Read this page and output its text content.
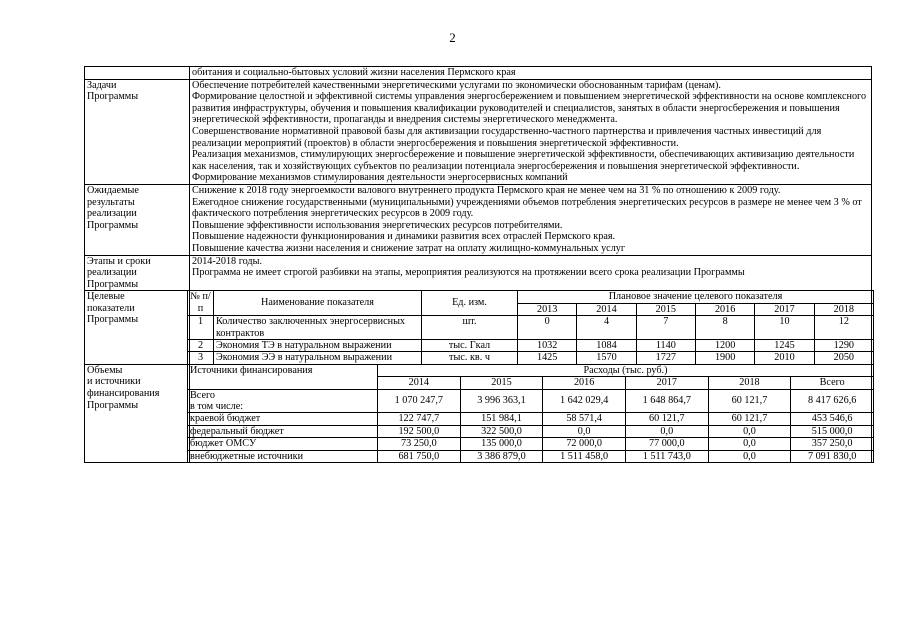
2
	обитания и социально-бытовых условий жизни населения Пермского края

Задачи
Программы

Обеспечение потребителей качественными энергетическими услугами по экономически обоснованным тарифам (ценам).
Формирование целостной и эффективной системы управления энергосбережением и повышением энергетической эффективности на основе комплексного развития инфраструктуры, обучения и повышения квалификации руководителей и специалистов, занятых в области энергосбережения и повышения энергетической эффективности, пропаганды и внедрения системы энергетического менеджмента.
Совершенствование нормативной правовой базы для активизации государственно-частного партнерства и привлечения частных инвестиций для реализации мероприятий (проектов) в области энергосбережения и повышения энергетической эффективности.
Реализация механизмов, стимулирующих энергосбережение и повышение энергетической эффективности, обеспечивающих активизацию деятельности как населения, так и хозяйствующих субъектов по реализации потенциала энергосбережения и повышения энергетической эффективности.
Формирование механизмов стимулирования деятельности энергосервисных компаний

Ожидаемые
результаты
реализации
Программы

Снижение к 2018 году энергоемкости валового внутреннего продукта Пермского края не менее чем на 31 % по отношению к 2009 году.
Ежегодное снижение государственными (муниципальными) учреждениями объемов потребления энергетических ресурсов в размере не менее чем 3 % от фактического потребления энергетических ресурсов в 2009 году.
Повышение эффективности использования энергетических ресурсов потребителями.
Повышение надежности функционирования и динамики развития всех отраслей Пермского края.
Повышение качества жизни населения и снижение затрат на оплату жилищно-коммунальных услуг

Этапы и сроки
реализации
Программы

2014-2018 годы.
Программа не имеет строгой разбивки на этапы, мероприятия реализуются на протяжении всего срока реализации Программы

Целевые
показатели
Программы

№ п/п	Наименование показателя	Ед. изм.	Плановое значение целевого показателя
2013	2014	2015	2016	2017	2018
1	Количество заключенных энергосервисных контрактов	шт.	0	4	7	8	10	12
2	Экономия ТЭ в натуральном выражении	тыс. Гкал	1032	1084	1140	1200	1245	1290
3	Экономия ЭЭ в натуральном выражении	тыс. кв. ч	1425	1570	1727	1900	2010	2050

Объемы
и источники
финансирования
Программы

Источники финансирования	Расходы (тыс. руб.)
2014	2015	2016	2017	2018	Всего
Всего
в том числе:	1 070 247,7	3 996 363,1	1 642 029,4	1 648 864,7	60 121,7	8 417 626,6
краевой бюджет	122 747,7	151 984,1	58 571,4	60 121,7	60 121,7	453 546,6
федеральный бюджет	192 500,0	322 500,0	0,0	0,0	0,0	515 000,0
бюджет ОМСУ	73 250,0	135 000,0	72 000,0	77 000,0	0,0	357 250,0
внебюджетные источники	681 750,0	3 386 879,0	1 511 458,0	1 511 743,0	0,0	7 091 830,0
